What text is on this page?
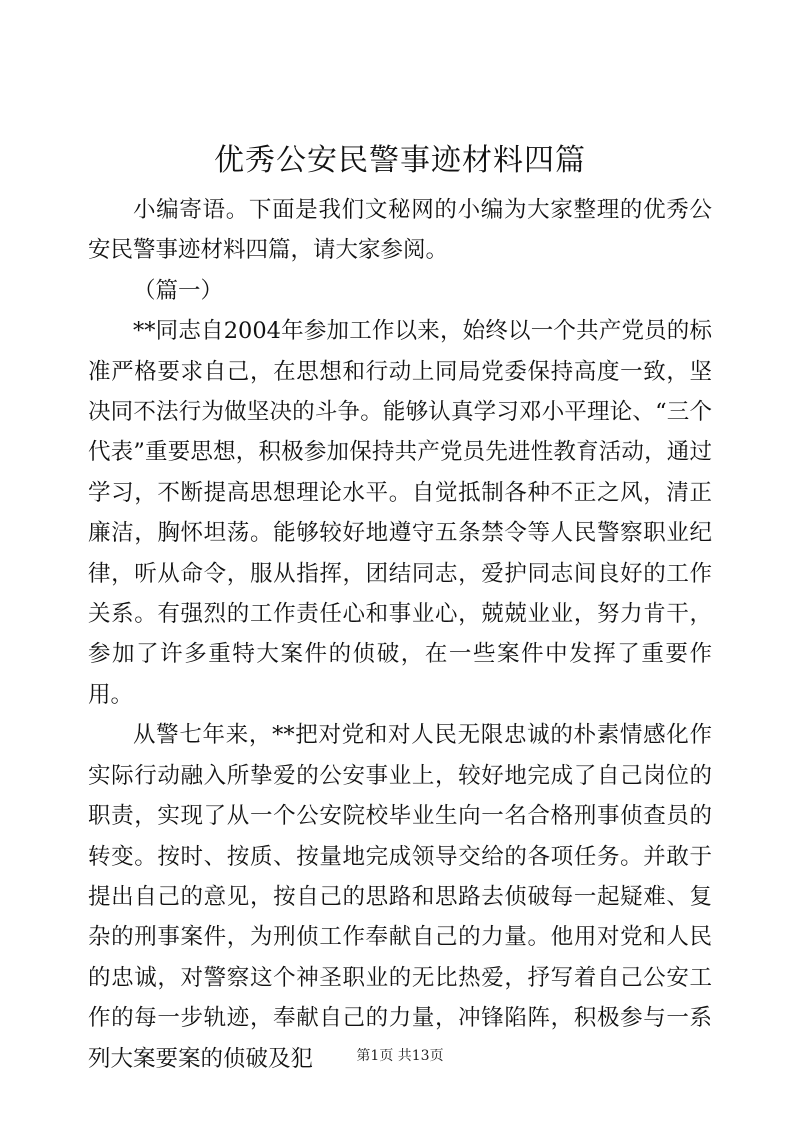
优秀公安民警事迹材料四篇

小编寄语。下面是我们文秘网的小编为大家整理的优秀公安民警事迹材料四篇，请大家参阅。

（篇一）

**同志自2004年参加工作以来，始终以一个共产党员的标准严格要求自己，在思想和行动上同局党委保持高度一致，坚决同不法行为做坚决的斗争。能够认真学习邓小平理论、“三个代表”重要思想，积极参加保持共产党员先进性教育活动，通过学习，不断提高思想理论水平。自觉抵制各种不正之风，清正廉洁，胸怀坦荡。能够较好地遵守五条禁令等人民警察职业纪律，听从命令，服从指挥，团结同志，爱护同志间良好的工作关系。有强烈的工作责任心和事业心，兢兢业业，努力肯干，参加了许多重特大案件的侦破，在一些案件中发挥了重要作用。

从警七年来，**把对党和对人民无限忠诚的朴素情感化作实际行动融入所挚爱的公安事业上，较好地完成了自己岗位的职责，实现了从一个公安院校毕业生向一名合格刑事侦查员的转变。按时、按质、按量地完成领导交给的各项任务。并敢于提出自己的意见，按自己的思路和思路去侦破每一起疑难、复杂的刑事案件，为刑侦工作奉献自己的力量。他用对党和人民的忠诚，对警察这个神圣职业的无比热爱，抒写着自己公安工作的每一步轨迹，奉献自己的力量，冲锋陷阵，积极参与一系列大案要案的侦破及犯	第1页 共13页
